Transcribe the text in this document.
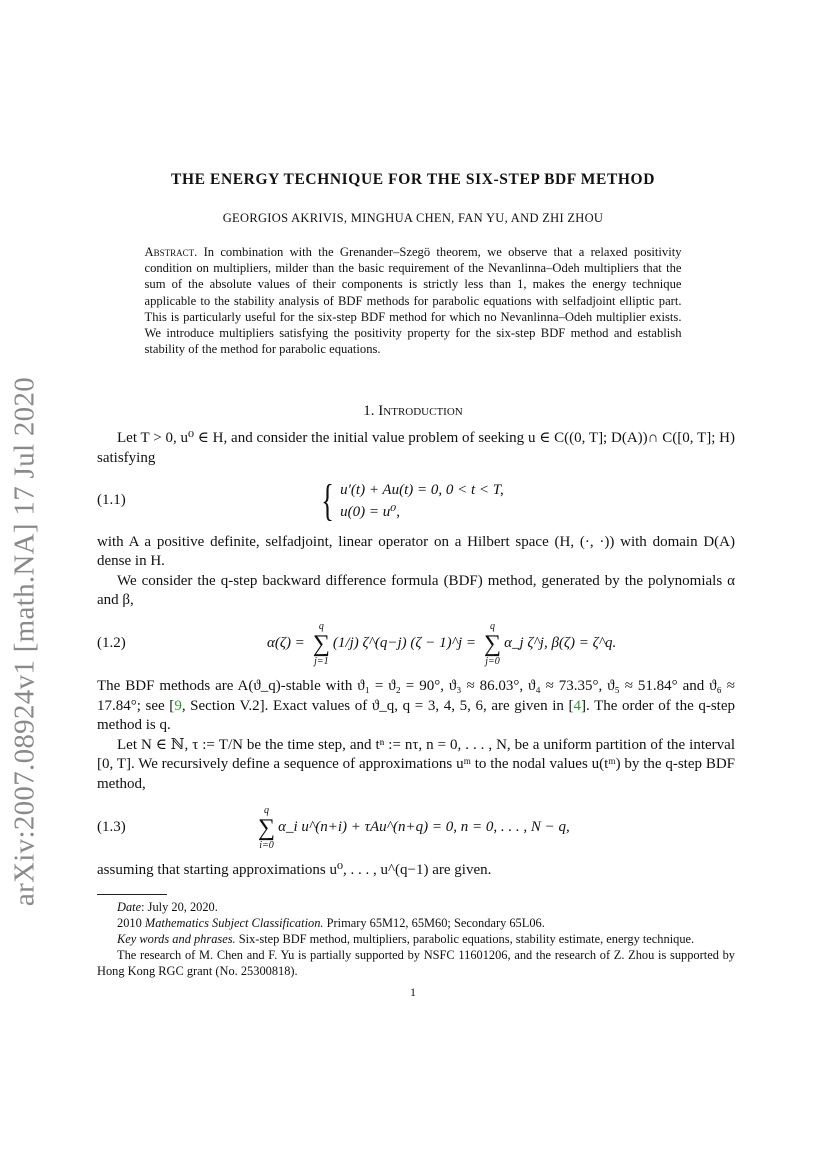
arXiv:2007.08924v1 [math.NA] 17 Jul 2020
THE ENERGY TECHNIQUE FOR THE SIX-STEP BDF METHOD
GEORGIOS AKRIVIS, MINGHUA CHEN, FAN YU, AND ZHI ZHOU
Abstract. In combination with the Grenander–Szegö theorem, we observe that a relaxed positivity condition on multipliers, milder than the basic requirement of the Nevanlinna–Odeh multipliers that the sum of the absolute values of their components is strictly less than 1, makes the energy technique applicable to the stability analysis of BDF methods for parabolic equations with selfadjoint elliptic part. This is particularly useful for the six-step BDF method for which no Nevanlinna–Odeh multiplier exists. We introduce multipliers satisfying the positivity property for the six-step BDF method and establish stability of the method for parabolic equations.
1. Introduction
Let T > 0, u⁰ ∈ H, and consider the initial value problem of seeking u ∈ C((0, T]; D(A))∩ C([0, T]; H) satisfying
(1.1)	{ u′(t) + Au(t) = 0, 0 < t < T,
u(0) = u⁰,
with A a positive definite, selfadjoint, linear operator on a Hilbert space (H, (·, ·)) with domain D(A) dense in H.
We consider the q-step backward difference formula (BDF) method, generated by the polynomials α and β,
(1.2)	α(ζ) =
q
∑
j=1
(1/j) ζ^(q−j) (ζ − 1)^j =
q
∑
j=0
α_j ζ^j, β(ζ) = ζ^q.
The BDF methods are A(ϑ_q)-stable with ϑ₁ = ϑ₂ = 90°, ϑ₃ ≈ 86.03°, ϑ₄ ≈ 73.35°, ϑ₅ ≈ 51.84° and ϑ₆ ≈ 17.84°; see [9, Section V.2]. Exact values of ϑ_q, q = 3, 4, 5, 6, are given in [4]. The order of the q-step method is q.
Let N ∈ ℕ, τ := T/N be the time step, and tⁿ := nτ, n = 0, . . . , N, be a uniform partition of the interval [0, T]. We recursively define a sequence of approximations uᵐ to the nodal values u(tᵐ) by the q-step BDF method,
(1.3)
q
∑
i=0
α_i u^(n+i) + τAu^(n+q) = 0, n = 0, . . . , N − q,
assuming that starting approximations u⁰, . . . , u^(q−1) are given.
Date: July 20, 2020.
2010 Mathematics Subject Classification. Primary 65M12, 65M60; Secondary 65L06.
Key words and phrases. Six-step BDF method, multipliers, parabolic equations, stability estimate, energy technique.
The research of M. Chen and F. Yu is partially supported by NSFC 11601206, and the research of Z. Zhou is supported by Hong Kong RGC grant (No. 25300818).
1
